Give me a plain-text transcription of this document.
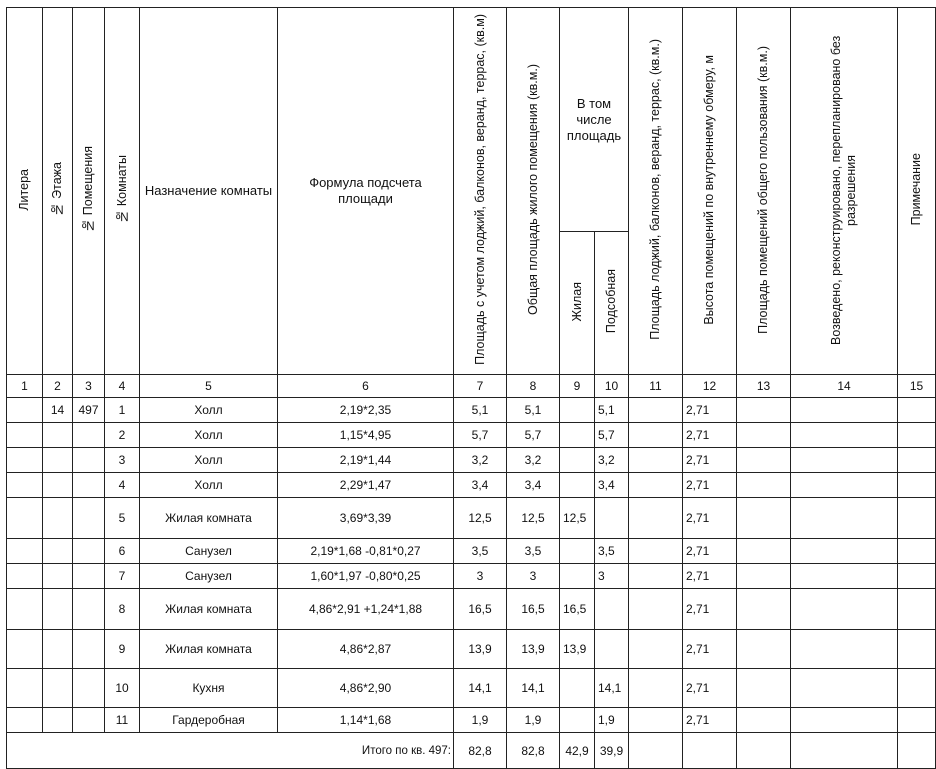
Литера	№ Этажа	№ Помещения	№ Комнаты	Назначение комнаты	Формула подсчета площади	Площадь с учетом лоджий, балконов, веранд, террас, (кв.м)	Общая площадь жилого помещения (кв.м.)	В том числе площадь		Площадь лоджий, балконов, веранд, террас, (кв.м.)	Высота помещений по внутреннему обмеру, м	Площадь помещений общего пользования (кв.м.)	Возведено, реконструировано, перепланировано без разрешения	Примечание
								Жилая	Подсобная					
1	2	3	4	5	6	7	8	9	10	11	12	13	14	15
	14	497	1	Холл	2,19*2,35	5,1	5,1		5,1		2,71			
			2	Холл	1,15*4,95	5,7	5,7		5,7		2,71			
			3	Холл	2,19*1,44	3,2	3,2		3,2		2,71			
			4	Холл	2,29*1,47	3,4	3,4		3,4		2,71			
			5	Жилая комната	3,69*3,39	12,5	12,5	12,5			2,71			
			6	Санузел	2,19*1,68 -0,81*0,27	3,5	3,5		3,5		2,71			
			7	Санузел	1,60*1,97 -0,80*0,25	3	3		3		2,71			
			8	Жилая комната	4,86*2,91 +1,24*1,88	16,5	16,5	16,5			2,71			
			9	Жилая комната	4,86*2,87	13,9	13,9	13,9			2,71			
			10	Кухня	4,86*2,90	14,1	14,1		14,1		2,71			
			11	Гардеробная	1,14*1,68	1,9	1,9		1,9		2,71			
Итого по кв. 497:						82,8	82,8	42,9	39,9					
